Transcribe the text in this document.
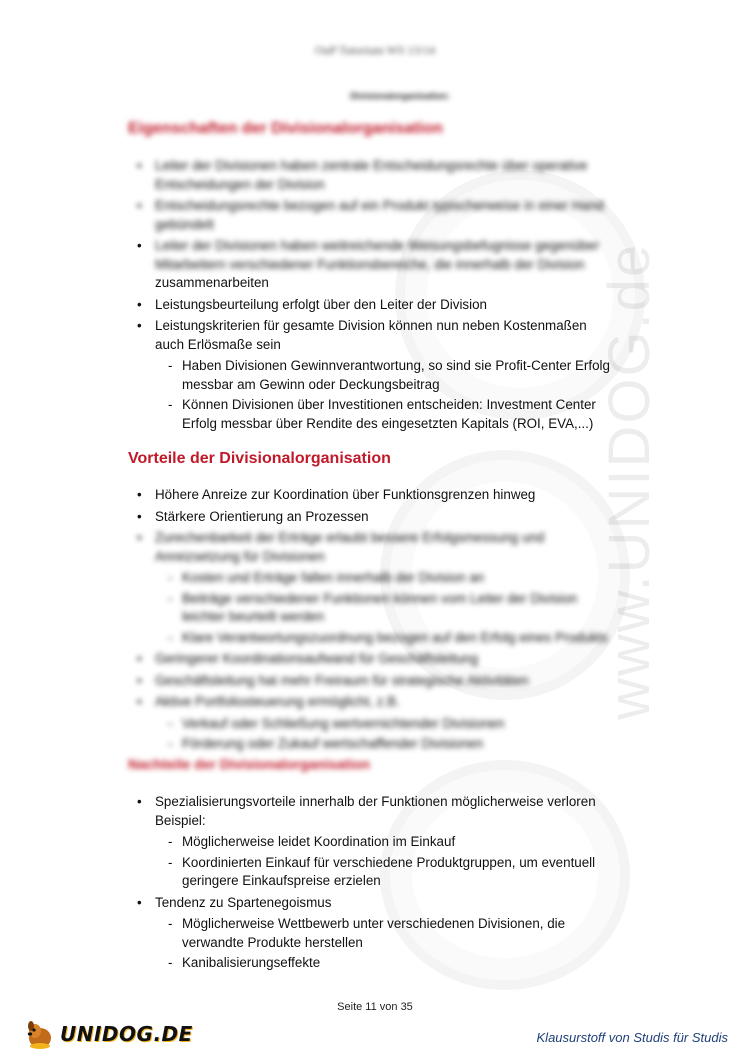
www.UNIDOG.de
OuP Tutorium WS 13/14
Divisionalorganisation:
Eigenschaften der Divisionalorganisation
• Leiter der Divisionen haben zentrale Entscheidungsrechte über operative Entscheidungen der Division
• Entscheidungsrechte bezogen auf ein Produkt typischerweise in einer Hand gebündelt
• Leiter der Divisionen haben weitreichende Weisungsbefugnisse gegenüber Mitarbeitern verschiedener Funktionsbereiche, die innerhalb der Division zusammenarbeiten
• Leistungsbeurteilung erfolgt über den Leiter der Division
• Leistungskriterien für gesamte Division können nun neben Kostenmaßen auch Erlösmaße sein
- Haben Divisionen Gewinnverantwortung, so sind sie Profit-Center Erfolg messbar am Gewinn oder Deckungsbeitrag
- Können Divisionen über Investitionen entscheiden: Investment Center Erfolg messbar über Rendite des eingesetzten Kapitals (ROI, EVA,...)
Vorteile der Divisionalorganisation
• Höhere Anreize zur Koordination über Funktionsgrenzen hinweg
• Stärkere Orientierung an Prozessen
• Zurechenbarkeit der Erträge erlaubt bessere Erfolgsmessung und Anreizsetzung für Divisionen
- Kosten und Erträge fallen innerhalb der Division an
- Beiträge verschiedener Funktionen können vom Leiter der Division leichter beurteilt werden
- Klare Verantwortungszuordnung bezogen auf den Erfolg eines Produkts
• Geringerer Koordinationsaufwand für Geschäftsleitung
• Geschäftsleitung hat mehr Freiraum für strategische Aktivitäten
• Aktive Portfoliosteuerung ermöglicht, z.B.
- Verkauf oder Schließung wertvernichtender Divisionen
- Förderung oder Zukauf wertschaffender Divisionen
Nachteile der Divisionalorganisation
• Spezialisierungsvorteile innerhalb der Funktionen möglicherweise verloren Beispiel:
- Möglicherweise leidet Koordination im Einkauf
- Koordinierten Einkauf für verschiedene Produktgruppen, um eventuell geringere Einkaufspreise erzielen
• Tendenz zu Spartenegoismus
- Möglicherweise Wettbewerb unter verschiedenen Divisionen, die verwandte Produkte herstellen
- Kanibalisierungseffekte
Seite 11 von 35
UNIDOG.DE	Klausurstoff von Studis für Studis
